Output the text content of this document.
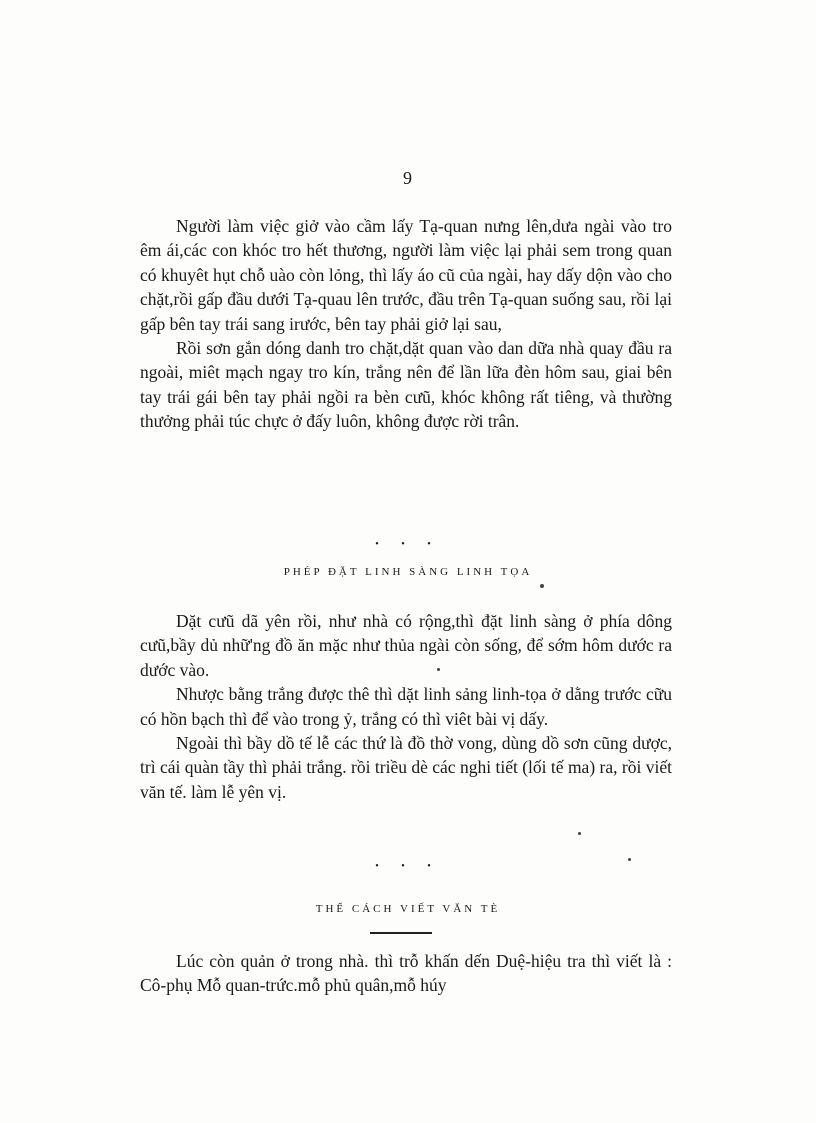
9

Người làm việc giở vào cầm lấy Tạ-quan nưng lên,dưa ngài vào tro êm ái,các con khóc tro hết thương, người làm việc lại phải sem trong quan có khuyêt hụt chỗ uào còn lỏng, thì lấy áo cũ của ngài, hay dấy dộn vào cho chặt,rồi gấp đầu dưới Tạ-quau lên trước, đầu trên Tạ-quan suống sau, rồi lại gấp bên tay trái sang irước, bên tay phải giở lại sau,

Rồi sơn gắn dóng danh tro chặt,dặt quan vào dan dữa nhà quay đầu ra ngoài, miêt mạch ngay tro kín, trắng nên để lần lữa đèn hôm sau, giai bên tay trái gái bên tay phải ngồi ra bèn cưũ, khóc không rất tiêng, và thường thưởng phải túc chực ở đấy luôn, không được rời trân.

• • •
PHÉP ĐẶT LINH SÀNG LINH TỌA

Dặt cưũ dã yên rồi, như nhà có rộng,thì đặt linh sàng ở phía dông cưũ,bầy dủ nhữ'ng đồ ăn mặc như thủa ngài còn sống, để sớm hôm dước ra dước vào.

Nhược bằng trắng được thê thì dặt linh sảng linh-tọa ở dằng trước cữu có hồn bạch thì để vào trong ỷ, trắng có thì viêt bài vị dấy.

Ngoài thì bầy dồ tế lễ các thứ là đồ thờ vong, dùng dồ sơn cũng dược, trì cái quàn tầy thì phải trắng. rồi triều dè các nghi tiết (lối tế ma) ra, rồi viết văn tế. làm lễ yên vị.

• • •
THỂ CÁCH VIẾT VĂN TÈ

Lúc còn quản ở trong nhà. thì trỗ khấn dến Duệ-hiệu tra thì viết là : Cô-phụ Mỗ quan-trức.mỗ phủ quân,mỗ húy
